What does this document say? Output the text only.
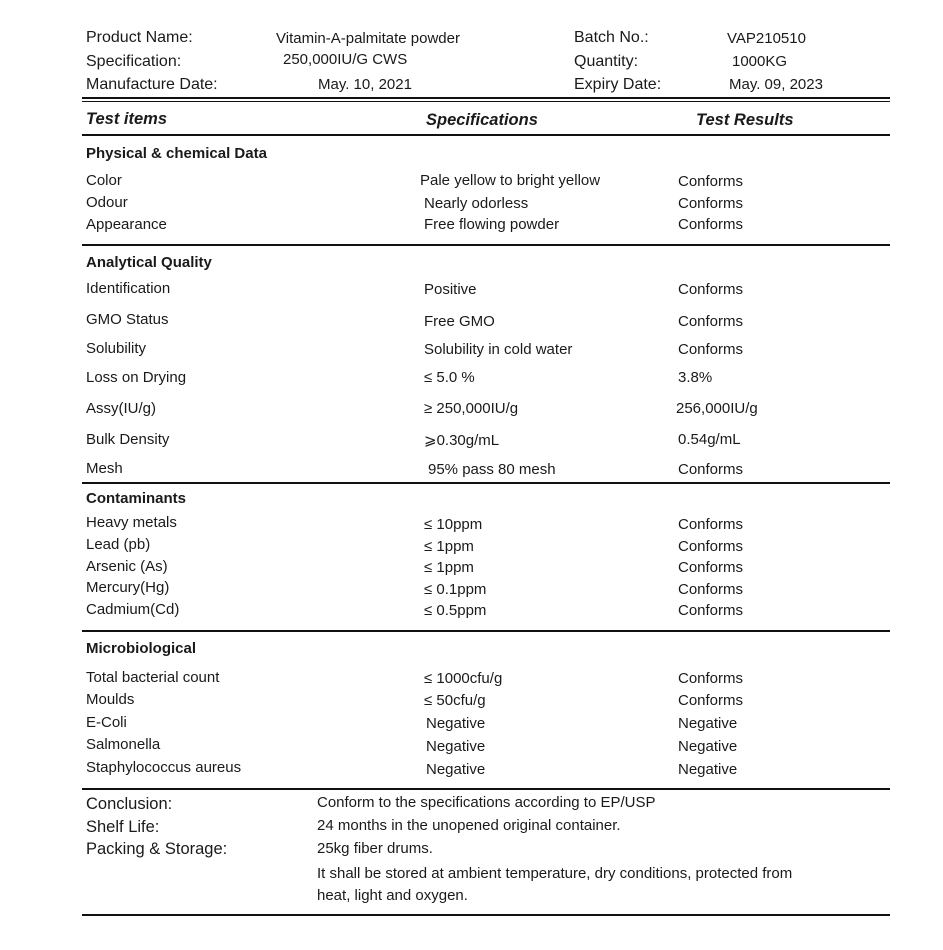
Product Name:	Vitamin-A-palmitate powder	Batch No.:	VAP210510
Specification:	250,000IU/G CWS	Quantity:	1000KG
Manufacture Date:	May. 10, 2021	Expiry Date:	May. 09, 2023
Test items	Specifications	Test Results
Physical & chemical Data
Color	Pale yellow to bright yellow	Conforms
Odour	Nearly odorless	Conforms
Appearance	Free flowing powder	Conforms
Analytical Quality
Identification	Positive	Conforms
GMO Status	Free GMO	Conforms
Solubility	Solubility in cold water	Conforms
Loss on Drying	≤ 5.0 %	3.8%
Assy(IU/g)	≥ 250,000IU/g	256,000IU/g
Bulk Density	⩾0.30g/mL	0.54g/mL
Mesh	95% pass 80 mesh	Conforms
Contaminants
Heavy metals	≤ 10ppm	Conforms
Lead (pb)	≤ 1ppm	Conforms
Arsenic (As)	≤ 1ppm	Conforms
Mercury(Hg)	≤ 0.1ppm	Conforms
Cadmium(Cd)	≤ 0.5ppm	Conforms
Microbiological
Total bacterial count	≤ 1000cfu/g	Conforms
Moulds	≤ 50cfu/g	Conforms
E-Coli	Negative	Negative
Salmonella	Negative	Negative
Staphylococcus aureus	Negative	Negative
Conclusion:	Conform to the specifications according to EP/USP
Shelf Life:	24 months in the unopened original container.
Packing & Storage:	25kg fiber drums.
It shall be stored at ambient temperature, dry conditions, protected from
heat, light and oxygen.
